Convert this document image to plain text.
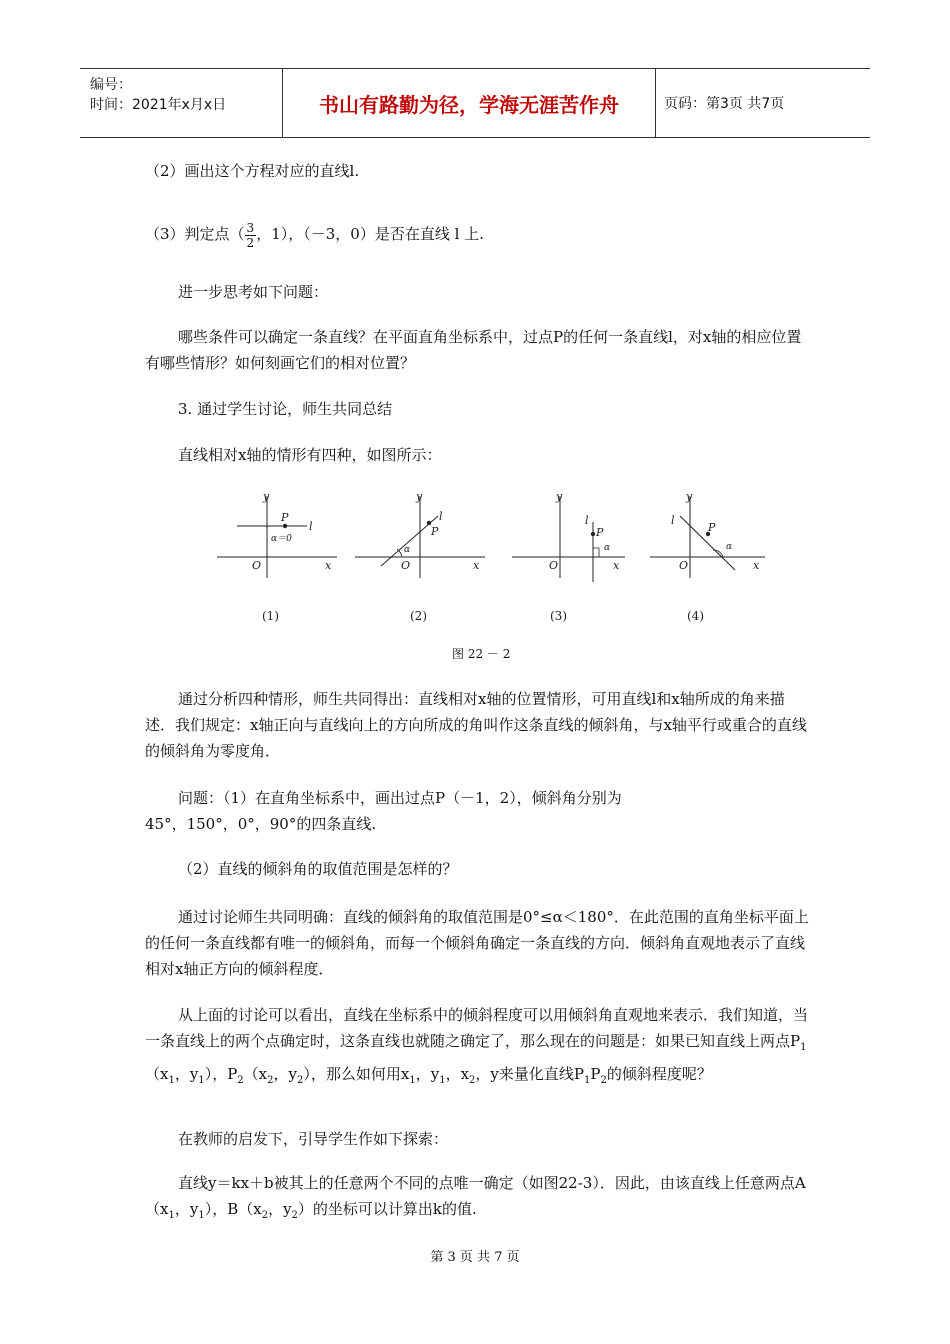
编号：
时间：2021年x月x日	书山有路勤为径，学海无涯苦作舟	页码：第3页 共7页
（2）画出这个方程对应的直线l.
（3）判定点（ $\frac{3}{2}$ ，1），（－3，0）是否在直线 l 上.
进一步思考如下问题：
哪些条件可以确定一条直线？在平面直角坐标系中，过点P的任何一条直线l，对x轴的相应位置有哪些情形？如何刻画它们的相对位置？
3. 通过学生讨论，师生共同总结
直线相对x轴的情形有四种，如图所示：
y
x
O
P
l
α＝0
y
x
O
P
l
α
y
x
O
P
l
α
y
x
O
P
l
α
(1)	(2)	(3)	(4)
图 22 － 2
通过分析四种情形，师生共同得出：直线相对x轴的位置情形，可用直线l和x轴所成的角来描述．我们规定：x轴正向与直线向上的方向所成的角叫作这条直线的倾斜角，与x轴平行或重合的直线的倾斜角为零度角．
问题：（1）在直角坐标系中，画出过点P（－1，2），倾斜角分别为
45°，150°，0°，90°的四条直线.
（2）直线的倾斜角的取值范围是怎样的？
通过讨论师生共同明确：直线的倾斜角的取值范围是0°≤α＜180°．在此范围的直角坐标平面上的任何一条直线都有唯一的倾斜角，而每一个倾斜角确定一条直线的方向．倾斜角直观地表示了直线相对x轴正方向的倾斜程度．
从上面的讨论可以看出，直线在坐标系中的倾斜程度可以用倾斜角直观地来表示．我们知道，当一条直线上的两个点确定时，这条直线也就随之确定了，那么现在的问题是：如果已知直线上两点$P_1(x_1$，$y_1$），$P_2(x_2$，$y_2$），那么如何用$x_1$，$y_1$，$x_2$，y来量化直线$P_1P_2$的倾斜程度呢？
在教师的启发下，引导学生作如下探索：
直线y＝kx＋b被其上的任意两个不同的点唯一确定（如图22-3）．因此，由该直线上任意两点$A(x_1$，$y_1$），$B(x_2$，$y_2$）的坐标可以计算出k的值.
第 3 页 共 7 页
